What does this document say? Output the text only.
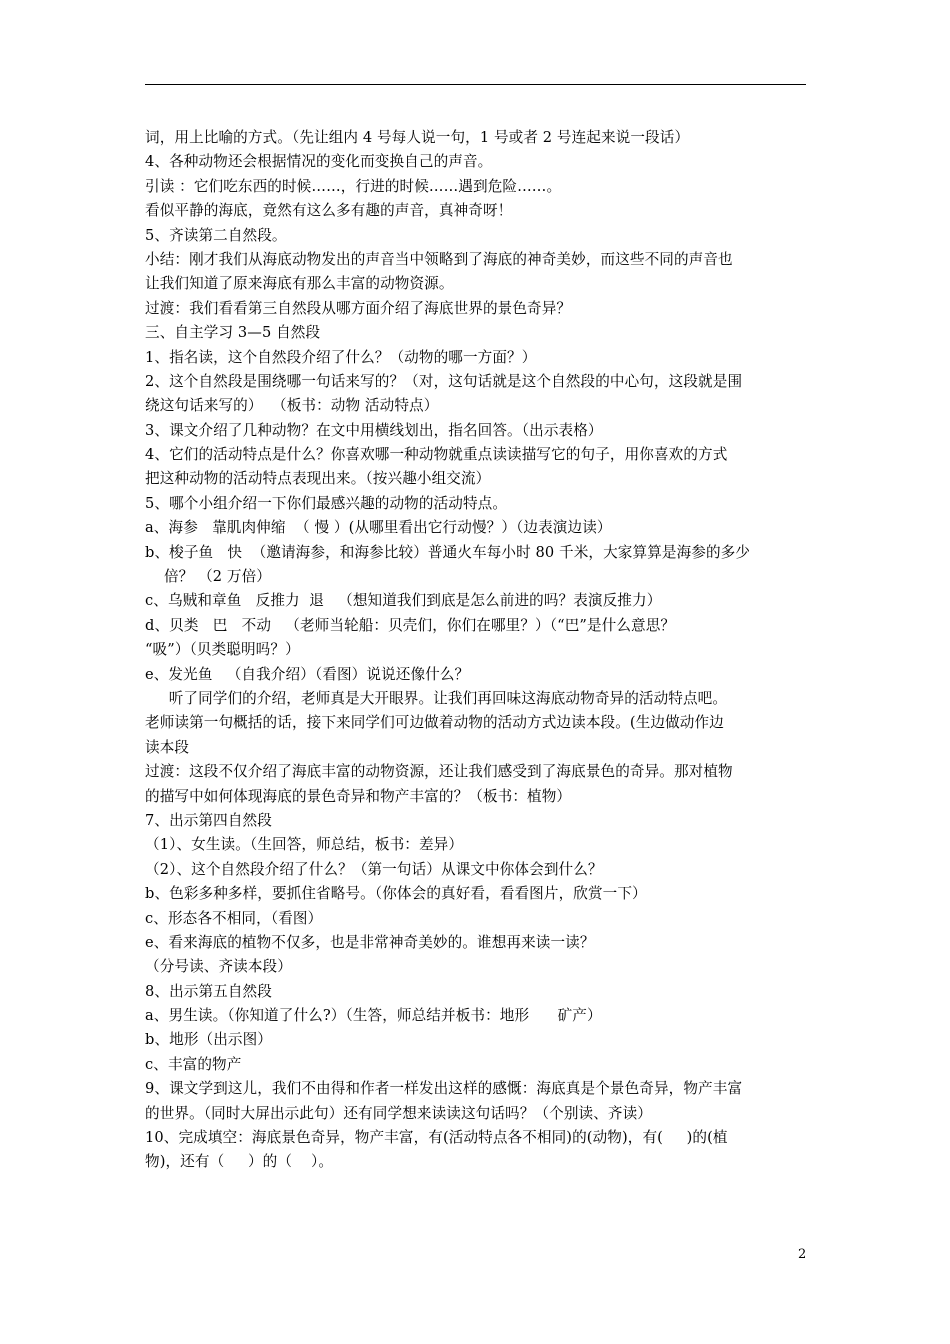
词，用上比喻的方式。（先让组内 4 号每人说一句，1 号或者 2 号连起来说一段话）
4、各种动物还会根据情况的变化而变换自己的声音。
引读 ：它们吃东西的时候……，行进的时候……遇到危险……。
看似平静的海底，竟然有这么多有趣的声音，真神奇呀！
5、齐读第二自然段。
小结：刚才我们从海底动物发出的声音当中领略到了海底的神奇美妙，而这些不同的声音也
让我们知道了原来海底有那么丰富的动物资源。
过渡：我们看看第三自然段从哪方面介绍了海底世界的景色奇异？
三、自主学习 3—5 自然段
1、指名读，这个自然段介绍了什么？（动物的哪一方面？）
2、这个自然段是围绕哪一句话来写的？（对，这句话就是这个自然段的中心句，这段就是围
绕这句话来写的）  （板书：动物 活动特点）
3、课文介绍了几种动物？在文中用横线划出，指名回答。（出示表格）
4、它们的活动特点是什么？你喜欢哪一种动物就重点读读描写它的句子，用你喜欢的方式
把这种动物的活动特点表现出来。（按兴趣小组交流）
5、哪个小组介绍一下你们最感兴趣的动物的活动特点。
a、海参   靠肌肉伸缩  （ 慢 ）(从哪里看出它行动慢？）（边表演边读）
b、梭子鱼   快  （邀请海参，和海参比较）普通火车每小时 80 千米，大家算算是海参的多少
倍？ （2 万倍）
c、乌贼和章鱼   反推力  退   （想知道我们到底是怎么前进的吗？表演反推力）
d、贝类   巴   不动   （老师当轮船：贝壳们，你们在哪里？）（“巴”是什么意思？
“吸”）（贝类聪明吗？）
e、发光鱼   （自我介绍）（看图）说说还像什么？
听了同学们的介绍，老师真是大开眼界。让我们再回味这海底动物奇异的活动特点吧。
老师读第一句概括的话，接下来同学们可边做着动物的活动方式边读本段。(生边做动作边
读本段
过渡：这段不仅介绍了海底丰富的动物资源，还让我们感受到了海底景色的奇异。那对植物
的描写中如何体现海底的景色奇异和物产丰富的？（板书：植物）
7、出示第四自然段
（1）、女生读。（生回答，师总结，板书：差异）
（2）、这个自然段介绍了什么？（第一句话）从课文中你体会到什么？
b、色彩多种多样，要抓住省略号。（你体会的真好看，看看图片，欣赏一下）
c、形态各不相同，（看图）
e、看来海底的植物不仅多，也是非常神奇美妙的。谁想再来读一读？
（分号读、齐读本段）
8、出示第五自然段
a、男生读。（你知道了什么?）（生答，师总结并板书：地形      矿产）
b、地形（出示图）
c、丰富的物产
9、课文学到这儿，我们不由得和作者一样发出这样的感慨：海底真是个景色奇异，物产丰富
的世界。（同时大屏出示此句）还有同学想来读读这句话吗？（个别读、齐读）
10、完成填空：海底景色奇异，物产丰富，有(活动特点各不相同)的(动物)，有(     )的(植
物)，还有（     ）的（    ）。
2
